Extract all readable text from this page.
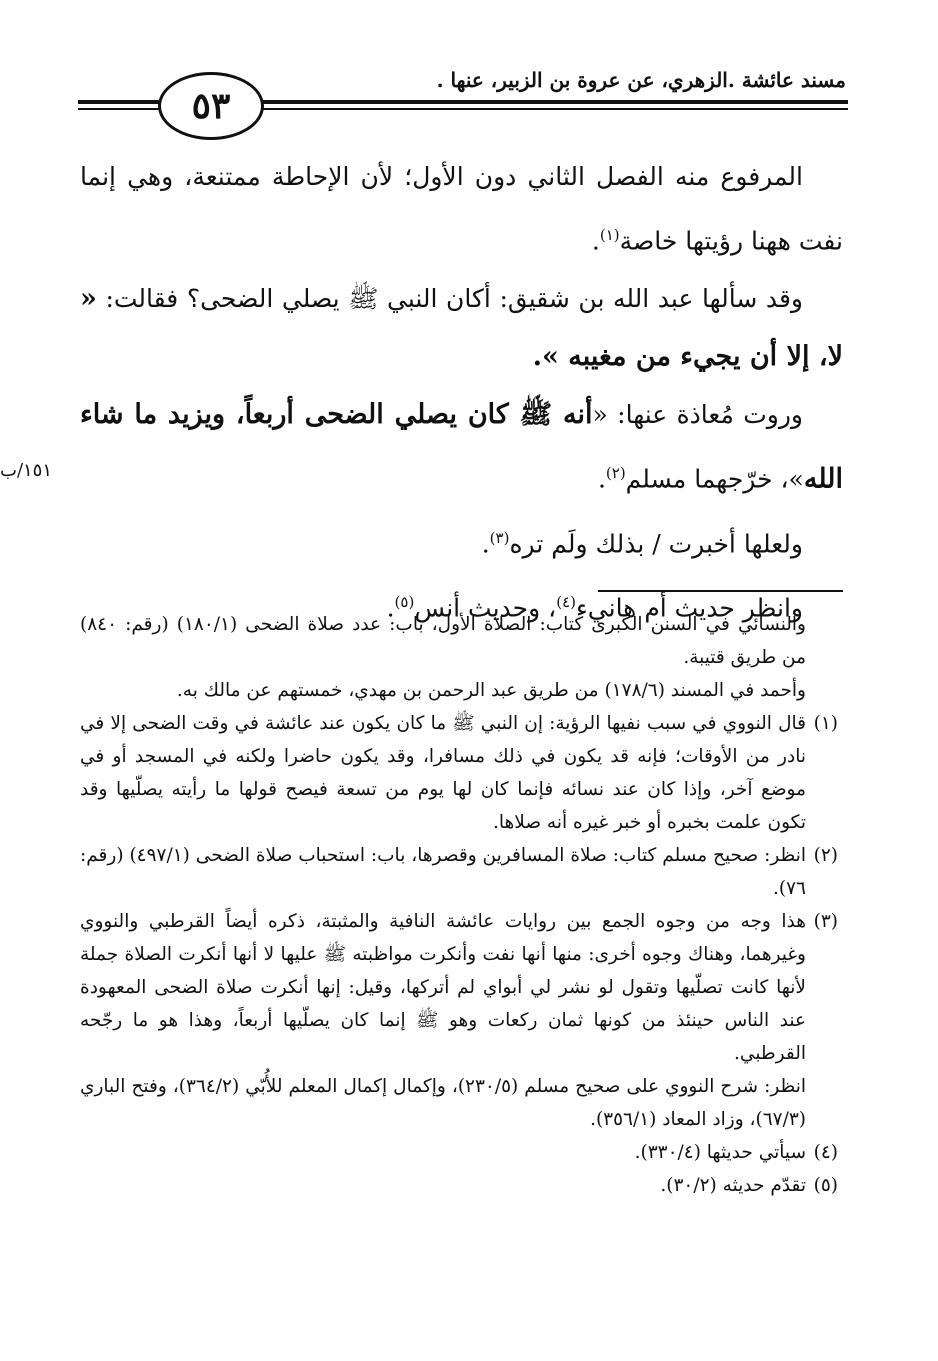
مسند عائشة .الزهري، عن عروة بن الزبير، عنها .
٥٣

المرفوع منه الفصل الثاني دون الأول؛ لأن الإحاطة ممتنعة، وهي إنما نفت ههنا رؤيتها خاصة$^{(١)}$.

وقد سألها عبد الله بن شقيق: أكان النبي ﷺ يصلي الضحى؟ فقالت: « لا، إلا أن يجيء من مغيبه ».

وروت مُعاذة عنها: «أنه ﷺ كان يصلي الضحى أربعاً، ويزيد ما شاء الله»، خرّجهما مسلم$^{(٢)}$.

ولعلها أخبرت / بذلك ولَم تره$^{(٣)}$.

وانظر حديث أم هانيء$^{(٤)}$، وحديث أنس$^{(٥)}$.

١٥١/ب

والنسائي في السنن الكبرى كتاب: الصلاة الأول، باب: عدد صلاة الضحى (١٨٠/١) (رقم: ٨٤٠) من طريق قتيبة.

وأحمد في المسند (١٧٨/٦) من طريق عبد الرحمن بن مهدي، خمستهم عن مالك به.

(١)
قال النووي في سبب نفيها الرؤية: إن النبي ﷺ ما كان يكون عند عائشة في وقت الضحى إلا في نادر من الأوقات؛ فإنه قد يكون في ذلك مسافرا، وقد يكون حاضرا ولكنه في المسجد أو في موضع آخر، وإذا كان عند نسائه فإنما كان لها يوم من تسعة فيصح قولها ما رأيته يصلّيها وقد تكون علمت بخبره أو خبر غيره أنه صلاها.
(٢)
انظر: صحيح مسلم كتاب: صلاة المسافرين وقصرها، باب: استحباب صلاة الضحى (٤٩٧/١) (رقم: ٧٦).
(٣)
هذا وجه من وجوه الجمع بين روايات عائشة النافية والمثبتة، ذكره أيضاً القرطبي والنووي وغيرهما، وهناك وجوه أخرى: منها أنها نفت وأنكرت مواظبته ﷺ عليها لا أنها أنكرت الصلاة جملة لأنها كانت تصلّيها وتقول لو نشر لي أبواي لم أتركها، وقيل: إنها أنكرت صلاة الضحى المعهودة عند الناس حينئذ من كونها ثمان ركعات وهو ﷺ إنما كان يصلّيها أربعاً، وهذا هو ما رجّحه القرطبي.

انظر: شرح النووي على صحيح مسلم (٢٣٠/٥)، وإكمال إكمال المعلم للأُبّي (٣٦٤/٢)، وفتح الباري (٦٧/٣)، وزاد المعاد (٣٥٦/١).

(٤)
سيأتي حديثها (٣٣٠/٤).
(٥)
تقدّم حديثه (٣٠/٢).
